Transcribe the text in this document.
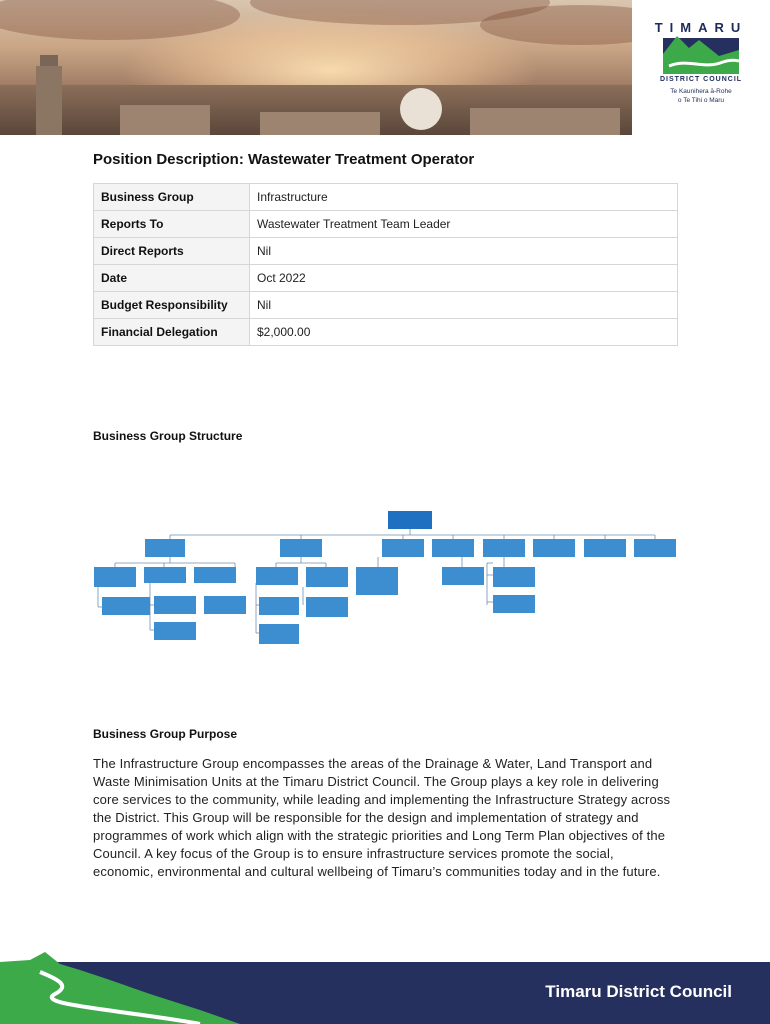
TIMARU
DISTRICT COUNCIL
Te Kaunihera ā-Rohe
o Te Tihi o Maru
Position Description: Wastewater Treatment Operator
Business Group	Infrastructure
Reports To	Wastewater Treatment Team Leader
Direct Reports	Nil
Date	Oct 2022
Budget Responsibility	Nil
Financial Delegation	$2,000.00
Business Group Structure
Business Group Purpose

The Infrastructure Group encompasses the areas of the Drainage & Water, Land Transport and Waste Minimisation Units at the Timaru District Council. The Group plays a key role in delivering core services to the community, while leading and implementing the Infrastructure Strategy across the District. This Group will be responsible for the design and implementation of strategy and programmes of work which align with the strategic priorities and Long Term Plan objectives of the Council. A key focus of the Group is to ensure infrastructure services promote the social, economic, environmental and cultural wellbeing of Timaru’s communities today and in the future.

Timaru District Council
